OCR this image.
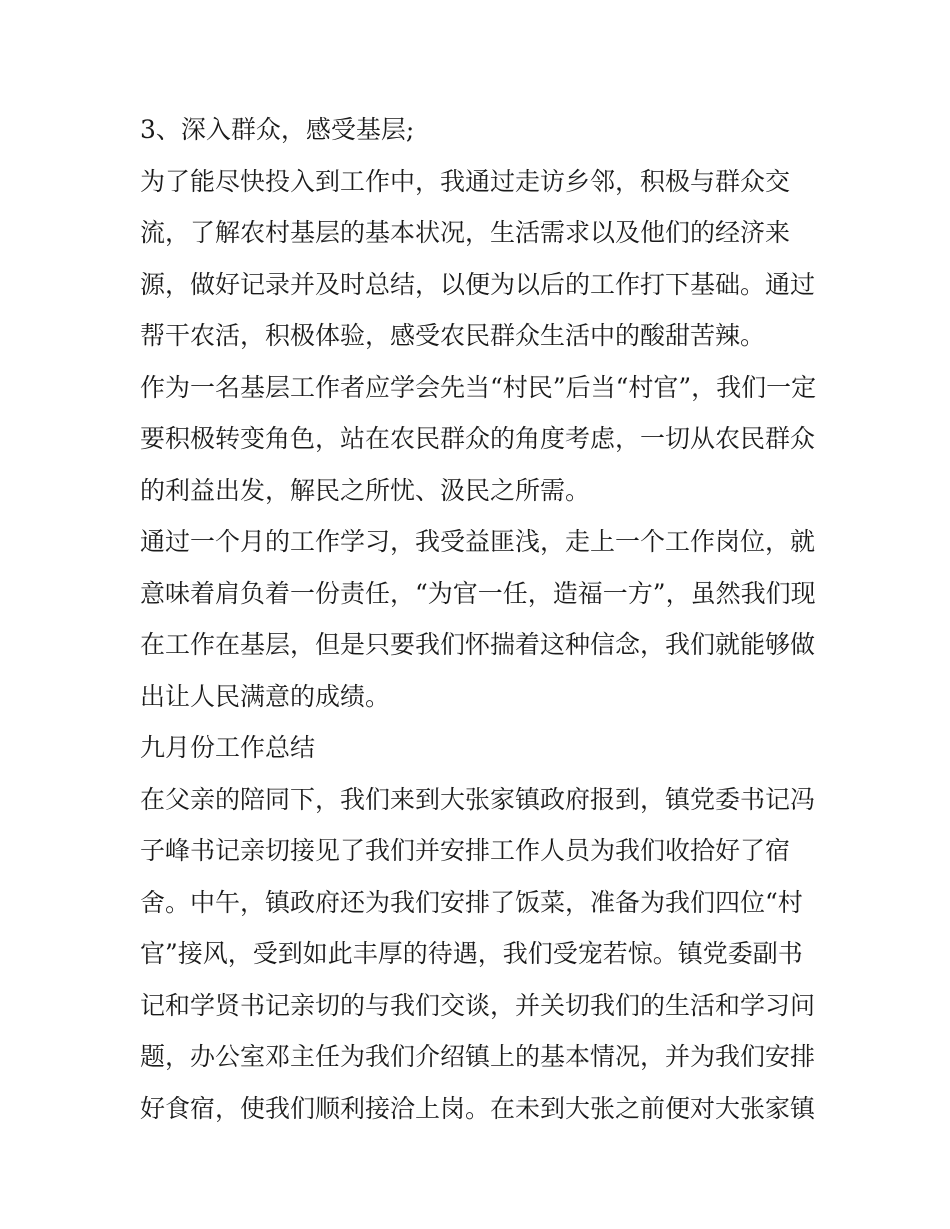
3、深入群众，感受基层;
为了能尽快投入到工作中，我通过走访乡邻，积极与群众交
流，了解农村基层的基本状况，生活需求以及他们的经济来
源，做好记录并及时总结，以便为以后的工作打下基础。通过
帮干农活，积极体验，感受农民群众生活中的酸甜苦辣。
作为一名基层工作者应学会先当“村民”后当“村官”，我们一定
要积极转变角色，站在农民群众的角度考虑，一切从农民群众
的利益出发，解民之所忧、汲民之所需。
通过一个月的工作学习，我受益匪浅，走上一个工作岗位，就
意味着肩负着一份责任，“为官一任，造福一方”，虽然我们现
在工作在基层，但是只要我们怀揣着这种信念，我们就能够做
出让人民满意的成绩。
九月份工作总结
在父亲的陪同下，我们来到大张家镇政府报到，镇党委书记冯
子峰书记亲切接见了我们并安排工作人员为我们收拾好了宿
舍。中午，镇政府还为我们安排了饭菜，准备为我们四位“村
官”接风，受到如此丰厚的待遇，我们受宠若惊。镇党委副书
记和学贤书记亲切的与我们交谈，并关切我们的生活和学习问
题，办公室邓主任为我们介绍镇上的基本情况，并为我们安排
好食宿，使我们顺利接洽上岗。在未到大张之前便对大张家镇
